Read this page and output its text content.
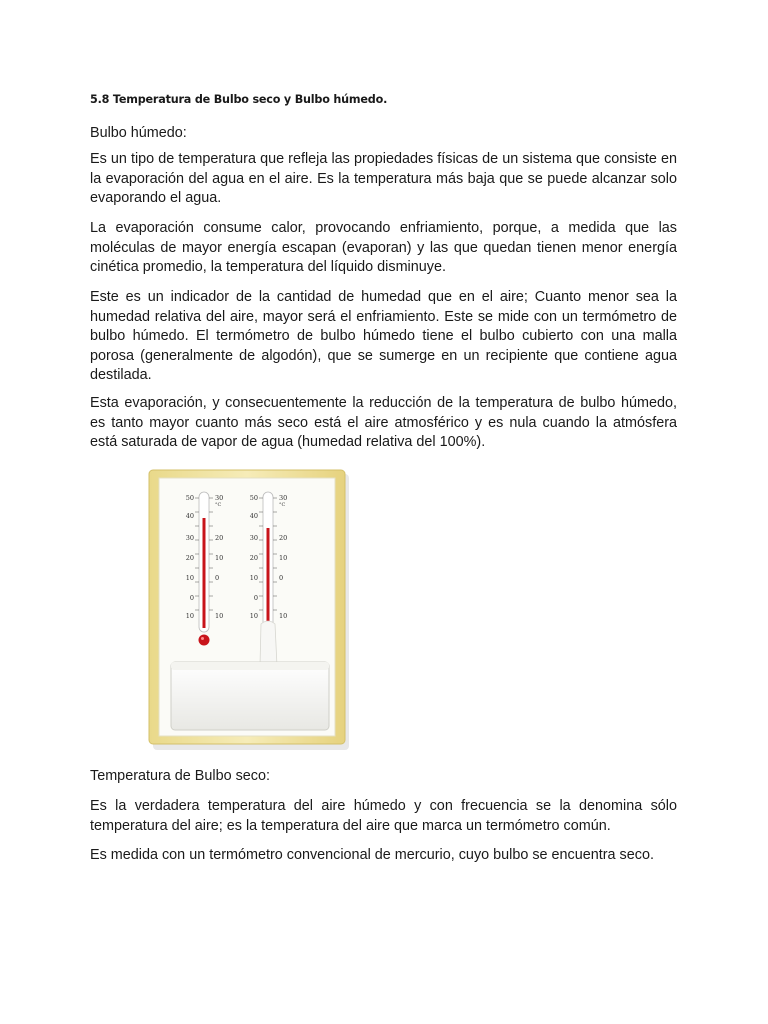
5.8 Temperatura de Bulbo seco y Bulbo húmedo.

Bulbo húmedo:

Es un tipo de temperatura que refleja las propiedades físicas de un sistema que consiste en la evaporación del agua en el aire. Es la temperatura más baja que se puede alcanzar solo evaporando el agua.

La evaporación consume calor, provocando enfriamiento, porque, a medida que las moléculas de mayor energía escapan (evaporan) y las que quedan tienen menor energía cinética promedio, la temperatura del líquido disminuye.

Este es un indicador de la cantidad de humedad que en el aire; Cuanto menor sea la humedad relativa del aire, mayor será el enfriamiento. Este se mide con un termómetro de bulbo húmedo. El termómetro de bulbo húmedo tiene el bulbo cubierto con una malla porosa (generalmente de algodón), que se sumerge en un recipiente que contiene agua destilada.

Esta evaporación, y consecuentemente la reducción de la temperatura de bulbo húmedo, es tanto mayor cuanto más seco está el aire atmosférico y es nula cuando la atmósfera está saturada de vapor de agua (humedad relativa del 100%).

Temperatura de Bulbo seco:

Es la verdadera temperatura del aire húmedo y con frecuencia se la denomina sólo temperatura del aire; es la temperatura del aire que marca un termómetro común.

Es medida con un termómetro convencional de mercurio, cuyo bulbo se encuentra seco.

50
40
30
20
10
0
10
30
°C
20
10
0
10
50
40
30
20
10
0
10
30
°C
20
10
0
10
